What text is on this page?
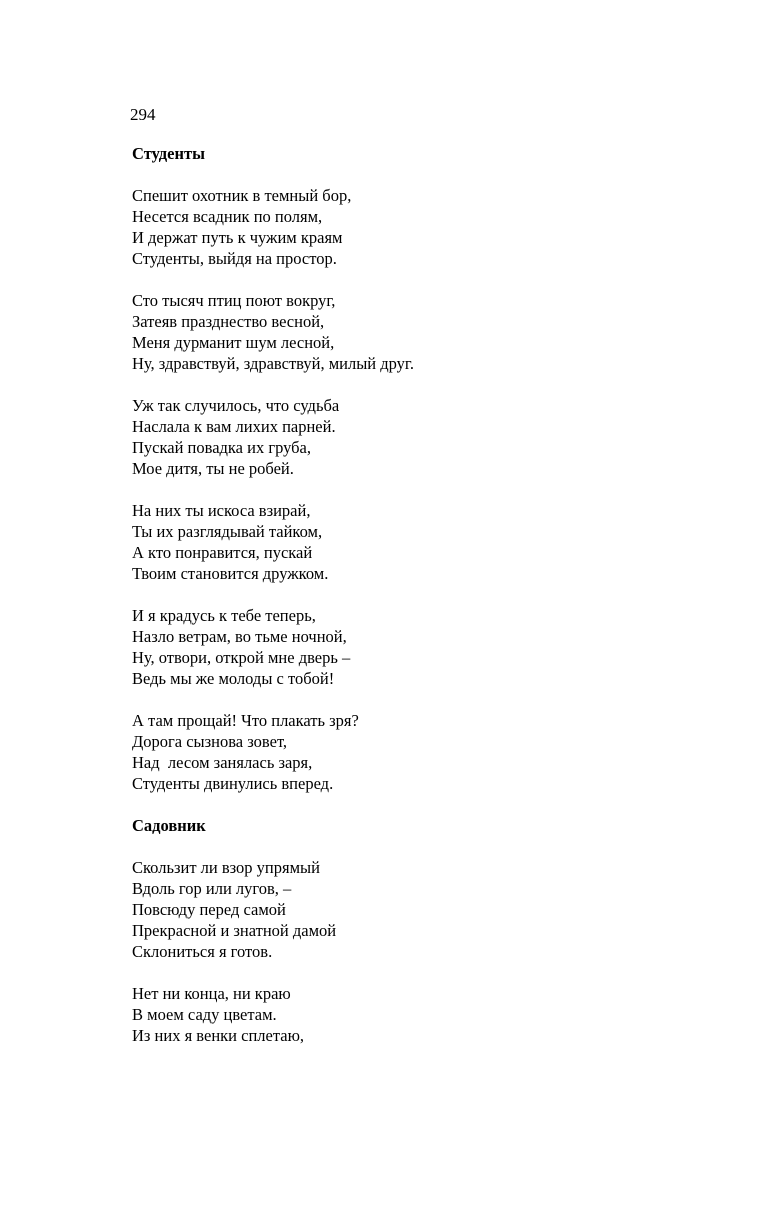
294
Студенты
Спешит охотник в темный бор,
Несется всадник по полям,
И держат путь к чужим краям
Студенты, выйдя на простор.
Сто тысяч птиц поют вокруг,
Затеяв празднество весной,
Меня дурманит шум лесной,
Ну, здравствуй, здравствуй, милый друг.
Уж так случилось, что судьба
Наслала к вам лихих парней.
Пускай повадка их груба,
Мое дитя, ты не робей.
На них ты искоса взирай,
Ты их разглядывай тайком,
А кто понравится, пускай
Твоим становится дружком.
И я крадусь к тебе теперь,
Назло ветрам, во тьме ночной,
Ну, отвори, открой мне дверь –
Ведь мы же молоды с тобой!
А там прощай! Что плакать зря?
Дорога сызнова зовет,
Над  лесом занялась заря,
Студенты двинулись вперед.
Садовник
Скользит ли взор упрямый
Вдоль гор или лугов, –
Повсюду перед самой
Прекрасной и знатной дамой
Склониться я готов.
Нет ни конца, ни краю
В моем саду цветам.
Из них я венки сплетаю,
